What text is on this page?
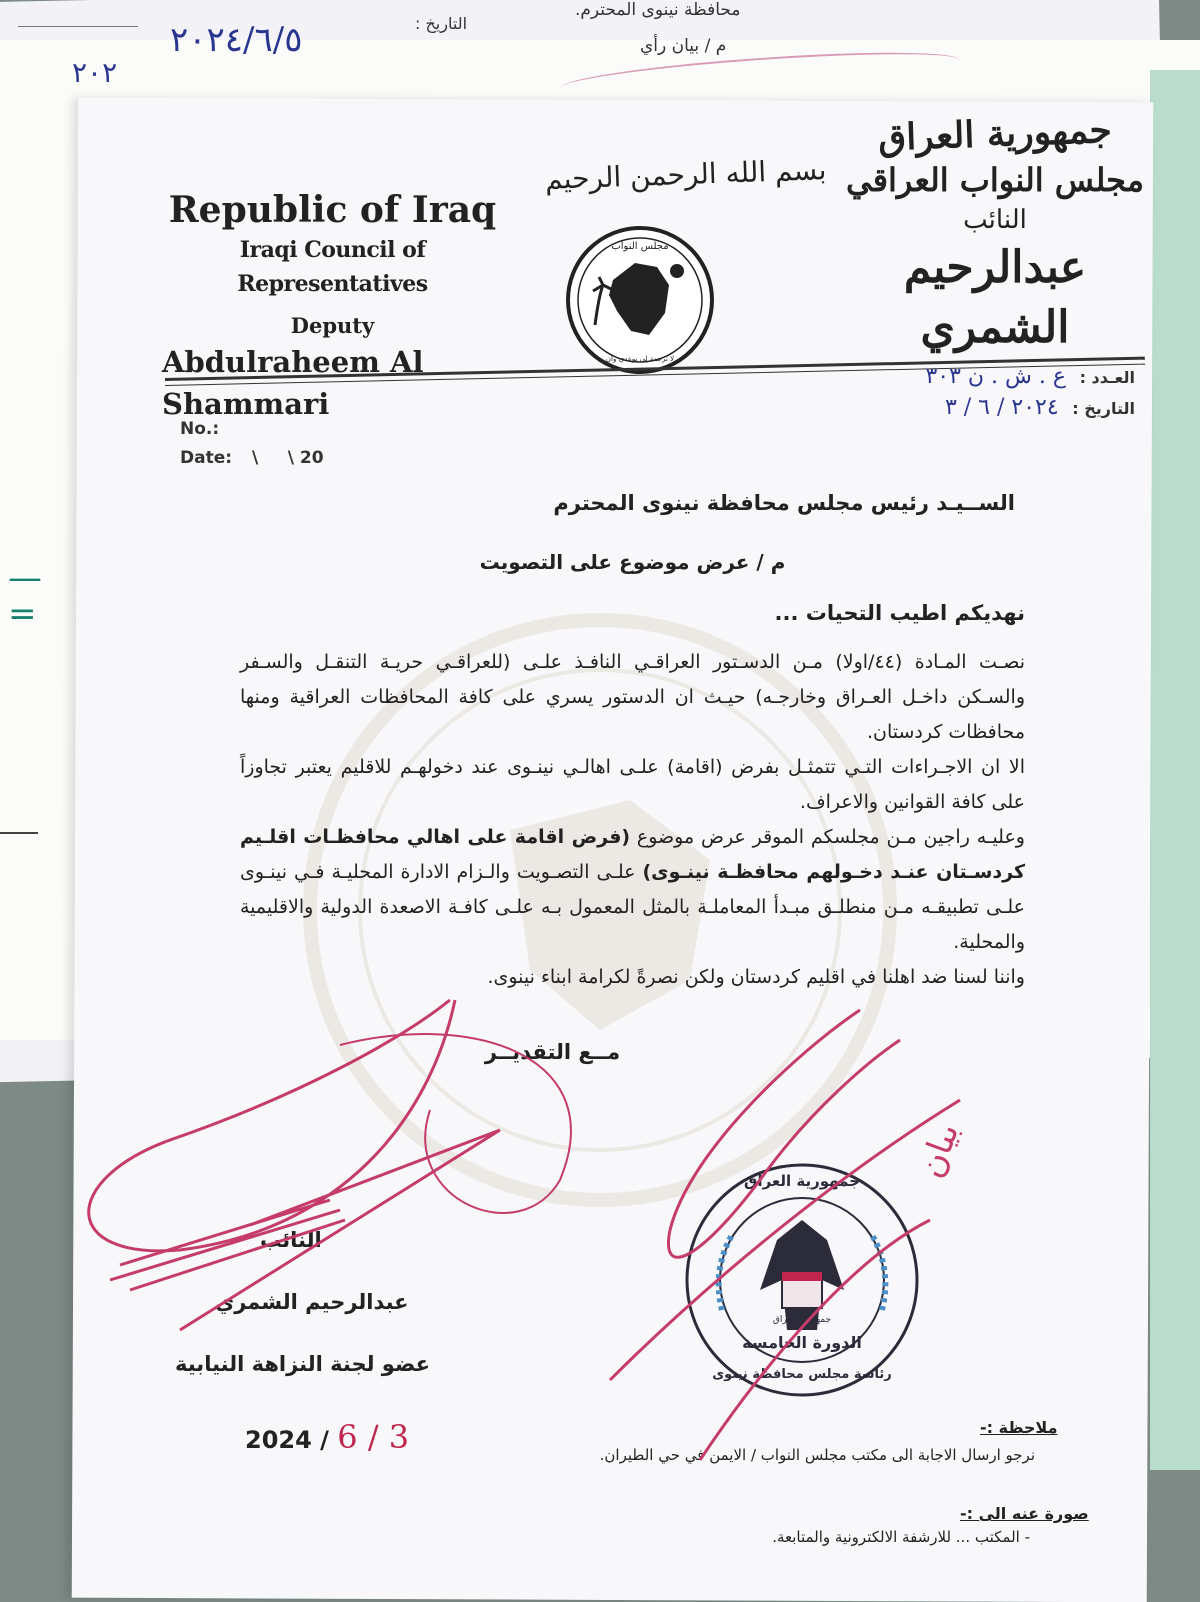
٢٠٢٤/٦/٥
٢٠٢
التاريخ :
محافظة نينوى المحترم.
م / بيان رأي
—
=
Republic of Iraq
Iraqi Council of Representatives
Deputy
Abdulraheem Al Shammari
بسم الله الرحمن الرحيم
مجلس النواب
لا ترجمة لي بوعدي وأن
جمهورية العراق
مجلس النواب العراقي
النائب
عبدالرحيم الشمري
No.:
Date: \     \ 20
العـدد : ع . ش . ن ٣٠٣
التاريخ : ٢٠٢٤ / ٦ / ٣
الســيـد رئيس مجلس محافظة نينوى المحترم
م / عرض موضوع على التصويت
نهديكم اطيب التحيات ...

نصـت المـادة (٤٤/اولا) مـن الدسـتور العراقـي النافـذ علـى (للعراقـي حريـة التنقـل والسـفر والسـكن داخـل العـراق وخارجـه) حيـث ان الدستور يسري على كافة المحافظات العراقية ومنها محافظات كردستان.

الا ان الاجـراءات التـي تتمثـل بفرض (اقامة) علـى اهالـي نينـوى عند دخولهـم للاقليم يعتبر تجاوزاً على كافة القوانين والاعراف.

وعليـه راجين مـن مجلسكم الموقر عرض موضوع (فرض اقامة على اهالي محافظـات اقلـيم كردسـتان عنـد دخـولهم محافظـة نينـوى) علـى التصـويت والـزام الادارة المحليـة فـي نينـوى علـى تطبيقـه مـن منطلـق مبـدأ المعاملـة بالمثل المعمول بـه علـى كافـة الاصعدة الدولية والاقليمية والمحلية.

واننا لسنا ضد اهلنا في اقليم كردستان ولكن نصرةً لكرامة ابناء نينوى.

مــع التقديــر
النائب
عبدالرحيم الشمري
عضو لجنة النزاهة النيابية
2024 / 6 / 3	ملاحظة :-
نرجو ارسال الاجابة الى مكتب مجلس النواب / الايمن في حي الطيران.
صورة عنه الى :-
- المكتب ... للارشفة الالكترونية والمتابعة.
جمهورية العراق
جمهورية العراق
الدورة الخامسة
رئاسة مجلس محافظة نينوى
بيان
